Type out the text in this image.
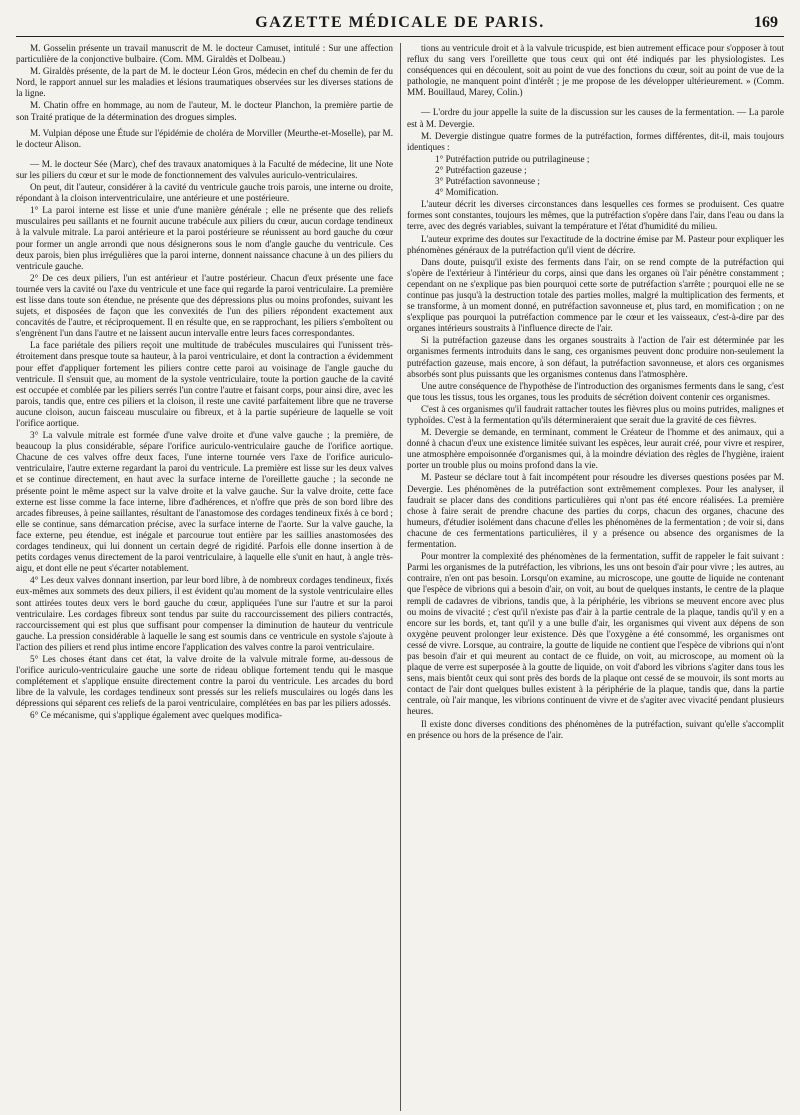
GAZETTE MÉDICALE DE PARIS.	169

M. Gosselin présente un travail manuscrit de M. le docteur Camuset, intitulé : Sur une affection particulière de la conjonctive bulbaire. (Com. MM. Giraldès et Dolbeau.)

M. Giraldès présente, de la part de M. le docteur Léon Gros, médecin en chef du chemin de fer du Nord, le rapport annuel sur les maladies et lésions traumatiques observées sur les diverses stations de la ligne.

M. Chatin offre en hommage, au nom de l'auteur, M. le docteur Planchon, la première partie de son Traité pratique de la détermination des drogues simples.

M. Vulpian dépose une Étude sur l'épidémie de choléra de Morviller (Meurthe-et-Moselle), par M. le docteur Alison.

— M. le docteur Sée (Marc), chef des travaux anatomiques à la Faculté de médecine, lit une Note sur les piliers du cœur et sur le mode de fonctionnement des valvules auriculo-ventriculaires.

On peut, dit l'auteur, considérer à la cavité du ventricule gauche trois parois, une interne ou droite, répondant à la cloison interventriculaire, une antérieure et une postérieure.

1° La paroi interne est lisse et unie d'une manière générale ; elle ne présente que des reliefs musculaires peu saillants et ne fournit aucune trabécule aux piliers du cœur, aucun cordage tendineux à la valvule mitrale. La paroi antérieure et la paroi postérieure se réunissent au bord gauche du cœur pour former un angle arrondi que nous désignerons sous le nom d'angle gauche du ventricule. Ces deux parois, bien plus irrégulières que la paroi interne, donnent naissance chacune à un des piliers du ventricule gauche.

2° De ces deux piliers, l'un est antérieur et l'autre postérieur. Chacun d'eux présente une face tournée vers la cavité ou l'axe du ventricule et une face qui regarde la paroi ventriculaire. La première est lisse dans toute son étendue, ne présente que des dépressions plus ou moins profondes, suivant les sujets, et disposées de façon que les convexités de l'un des piliers répondent exactement aux concavités de l'autre, et réciproquement. Il en résulte que, en se rapprochant, les piliers s'emboîtent ou s'engrènent l'un dans l'autre et ne laissent aucun intervalle entre leurs faces correspondantes.

La face pariétale des piliers reçoit une multitude de trabécules musculaires qui l'unissent très-étroitement dans presque toute sa hauteur, à la paroi ventriculaire, et dont la contraction a évidemment pour effet d'appliquer fortement les piliers contre cette paroi au voisinage de l'angle gauche du ventricule. Il s'ensuit que, au moment de la systole ventriculaire, toute la portion gauche de la cavité est occupée et comblée par les piliers serrés l'un contre l'autre et faisant corps, pour ainsi dire, avec les parois, tandis que, entre ces piliers et la cloison, il reste une cavité parfaitement libre que ne traverse aucune cloison, aucun faisceau musculaire ou fibreux, et à la partie supérieure de laquelle se voit l'orifice aortique.

3° La valvule mitrale est formée d'une valve droite et d'une valve gauche ; la première, de beaucoup la plus considérable, sépare l'orifice auriculo-ventriculaire gauche de l'orifice aortique. Chacune de ces valves offre deux faces, l'une interne tournée vers l'axe de l'orifice auriculo-ventriculaire, l'autre externe regardant la paroi du ventricule. La première est lisse sur les deux valves et se continue directement, en haut avec la surface interne de l'oreillette gauche ; la seconde ne présente point le même aspect sur la valve droite et la valve gauche. Sur la valve droite, cette face externe est lisse comme la face interne, libre d'adhérences, et n'offre que près de son bord libre des arcades fibreuses, à peine saillantes, résultant de l'anastomose des cordages tendineux fixés à ce bord ; elle se continue, sans démarcation précise, avec la surface interne de l'aorte. Sur la valve gauche, la face externe, peu étendue, est inégale et parcourue tout entière par les saillies anastomosées des cordages tendineux, qui lui donnent un certain degré de rigidité. Parfois elle donne insertion à de petits cordages venus directement de la paroi ventriculaire, à laquelle elle s'unit en haut, à angle très-aigu, et dont elle ne peut s'écarter notablement.

4° Les deux valves donnant insertion, par leur bord libre, à de nombreux cordages tendineux, fixés eux-mêmes aux sommets des deux piliers, il est évident qu'au moment de la systole ventriculaire elles sont attirées toutes deux vers le bord gauche du cœur, appliquées l'une sur l'autre et sur la paroi ventriculaire. Les cordages fibreux sont tendus par suite du raccourcissement des piliers contractés, raccourcissement qui est plus que suffisant pour compenser la diminution de hauteur du ventricule gauche. La pression considérable à laquelle le sang est soumis dans ce ventricule en systole s'ajoute à l'action des piliers et rend plus intime encore l'application des valves contre la paroi ventriculaire.

5° Les choses étant dans cet état, la valve droite de la valvule mitrale forme, au-dessous de l'orifice auriculo-ventriculaire gauche une sorte de rideau oblique fortement tendu qui le masque complétement et s'applique ensuite directement contre la paroi du ventricule. Les arcades du bord libre de la valvule, les cordages tendineux sont pressés sur les reliefs musculaires ou logés dans les dépressions qui séparent ces reliefs de la paroi ventriculaire, complétées en bas par les piliers adossés.

6° Ce mécanisme, qui s'applique également avec quelques modifica-

tions au ventricule droit et à la valvule tricuspide, est bien autrement efficace pour s'opposer à tout reflux du sang vers l'oreillette que tous ceux qui ont été indiqués par les physiologistes. Les conséquences qui en découlent, soit au point de vue des fonctions du cœur, soit au point de vue de la pathologie, ne manquent point d'intérêt ; je me propose de les développer ultérieurement. » (Comm. MM. Bouillaud, Marey, Colin.)

— L'ordre du jour appelle la suite de la discussion sur les causes de la fermentation. — La parole est à M. Devergie.

M. Devergie distingue quatre formes de la putréfaction, formes différentes, dit-il, mais toujours identiques :

1° Putréfaction putride ou putrilagineuse ;
2° Putréfaction gazeuse ;
3° Putréfaction savonneuse ;
4° Momification.

L'auteur décrit les diverses circonstances dans lesquelles ces formes se produisent. Ces quatre formes sont constantes, toujours les mêmes, que la putréfaction s'opère dans l'air, dans l'eau ou dans la terre, avec des degrés variables, suivant la température et l'état d'humidité du milieu.

L'auteur exprime des doutes sur l'exactitude de la doctrine émise par M. Pasteur pour expliquer les phénomènes généraux de la putréfaction qu'il vient de décrire.

Dans doute, puisqu'il existe des ferments dans l'air, on se rend compte de la putréfaction qui s'opère de l'extérieur à l'intérieur du corps, ainsi que dans les organes où l'air pénètre constamment ; cependant on ne s'explique pas bien pourquoi cette sorte de putréfaction s'arrête ; pourquoi elle ne se continue pas jusqu'à la destruction totale des parties molles, malgré la multiplication des ferments, et se transforme, à un moment donné, en putréfaction savonneuse et, plus tard, en momification ; on ne s'explique pas pourquoi la putréfaction commence par le cœur et les vaisseaux, c'est-à-dire par des organes intérieurs soustraits à l'influence directe de l'air.

Si la putréfaction gazeuse dans les organes soustraits à l'action de l'air est déterminée par les organismes ferments introduits dans le sang, ces organismes peuvent donc produire non-seulement la putréfaction gazeuse, mais encore, à son défaut, la putréfaction savonneuse, et alors ces organismes absorbés sont plus puissants que les organismes contenus dans l'atmosphère.

Une autre conséquence de l'hypothèse de l'introduction des organismes ferments dans le sang, c'est que tous les tissus, tous les organes, tous les produits de sécrétion doivent contenir ces organismes.

C'est à ces organismes qu'il faudrait rattacher toutes les fièvres plus ou moins putrides, malignes et typhoïdes. C'est à la fermentation qu'ils détermineraient que serait due la gravité de ces fièvres.

M. Devergie se demande, en terminant, comment le Créateur de l'homme et des animaux, qui a donné à chacun d'eux une existence limitée suivant les espèces, leur aurait créé, pour vivre et respirer, une atmosphère empoisonnée d'organismes qui, à la moindre déviation des règles de l'hygiène, iraient porter un trouble plus ou moins profond dans la vie.

M. Pasteur se déclare tout à fait incompétent pour résoudre les diverses questions posées par M. Devergie. Les phénomènes de la putréfaction sont extrêmement complexes. Pour les analyser, il faudrait se placer dans des conditions particulières qui n'ont pas été encore réalisées. La première chose à faire serait de prendre chacune des parties du corps, chacun des organes, chacune des humeurs, d'étudier isolément dans chacune d'elles les phénomènes de la fermentation ; de voir si, dans chacune de ces fermentations particulières, il y a présence ou absence des organismes de la fermentation.

Pour montrer la complexité des phénomènes de la fermentation, suffit de rappeler le fait suivant : Parmi les organismes de la putréfaction, les vibrions, les uns ont besoin d'air pour vivre ; les autres, au contraire, n'en ont pas besoin. Lorsqu'on examine, au microscope, une goutte de liquide ne contenant que l'espèce de vibrions qui a besoin d'air, on voit, au bout de quelques instants, le centre de la plaque rempli de cadavres de vibrions, tandis que, à la périphérie, les vibrions se meuvent encore avec plus ou moins de vivacité ; c'est qu'il n'existe pas d'air à la partie centrale de la plaque, tandis qu'il y en a encore sur les bords, et, tant qu'il y a une bulle d'air, les organismes qui vivent aux dépens de son oxygène peuvent prolonger leur existence. Dès que l'oxygène a été consommé, les organismes ont cessé de vivre. Lorsque, au contraire, la goutte de liquide ne contient que l'espèce de vibrions qui n'ont pas besoin d'air et qui meurent au contact de ce fluide, on voit, au microscope, au moment où la plaque de verre est superposée à la goutte de liquide, on voit d'abord les vibrions s'agiter dans tous les sens, mais bientôt ceux qui sont près des bords de la plaque ont cessé de se mouvoir, ils sont morts au contact de l'air dont quelques bulles existent à la périphérie de la plaque, tandis que, dans la partie centrale, où l'air manque, les vibrions continuent de vivre et de s'agiter avec vivacité pendant plusieurs heures.

Il existe donc diverses conditions des phénomènes de la putréfaction, suivant qu'elle s'accomplit en présence ou hors de la présence de l'air.
